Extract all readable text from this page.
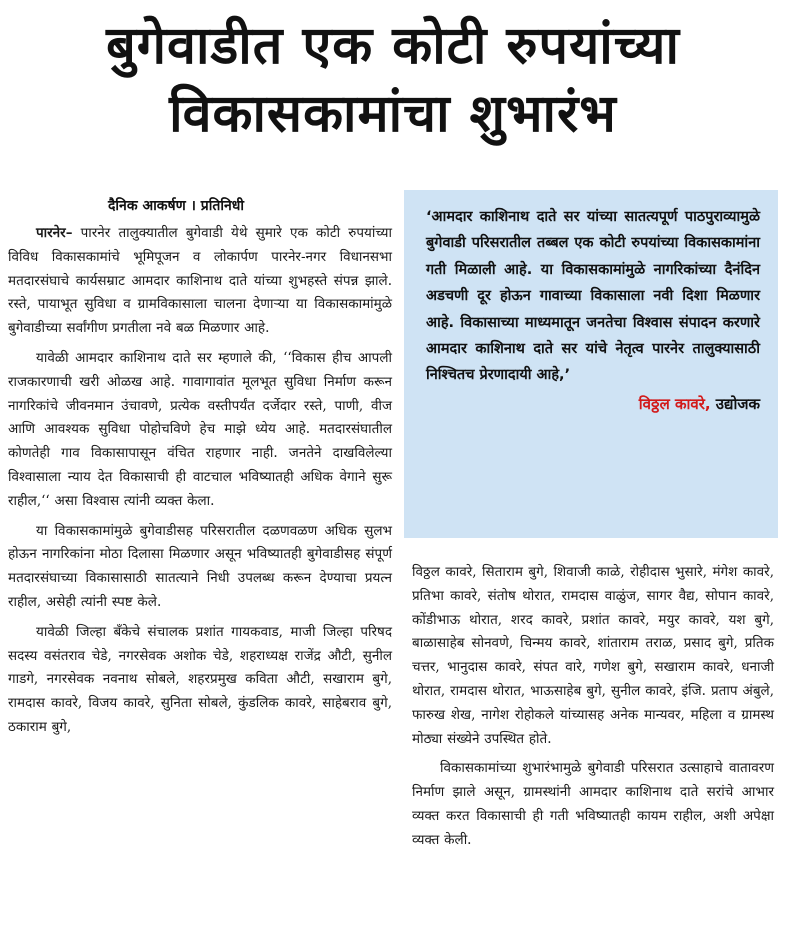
बुगेवाडीत एक कोटी रुपयांच्या
विकासकामांचा शुभारंभ
दैनिक आकर्षण । प्रतिनिधी

पारनेर– पारनेर तालुक्यातील बुगेवाडी येथे सुमारे एक कोटी रुपयांच्या विविध विकासकामांचे भूमिपूजन व लोकार्पण पारनेर-नगर विधानसभा मतदारसंघाचे कार्यसम्राट आमदार काशिनाथ दाते यांच्या शुभहस्ते संपन्न झाले. रस्ते, पायाभूत सुविधा व ग्रामविकासाला चालना देणाऱ्या या विकासकामांमुळे बुगेवाडीच्या सर्वांगीण प्रगतीला नवे बळ मिळणार आहे.

यावेळी आमदार काशिनाथ दाते सर म्हणाले की, ‘‘विकास हीच आपली राजकारणाची खरी ओळख आहे. गावागावांत मूलभूत सुविधा निर्माण करून नागरिकांचे जीवनमान उंचावणे, प्रत्येक वस्तीपर्यंत दर्जेदार रस्ते, पाणी, वीज आणि आवश्यक सुविधा पोहोचविणे हेच माझे ध्येय आहे. मतदारसंघातील कोणतेही गाव विकासापासून वंचित राहणार नाही. जनतेने दाखविलेल्या विश्वासाला न्याय देत विकासाची ही वाटचाल भविष्यातही अधिक वेगाने सुरू राहील,‘‘ असा विश्वास त्यांनी व्यक्त केला.

या विकासकामांमुळे बुगेवाडीसह परिसरातील दळणवळण अधिक सुलभ होऊन नागरिकांना मोठा दिलासा मिळणार असून भविष्यातही बुगेवाडीसह संपूर्ण मतदारसंघाच्या विकासासाठी सातत्याने निधी उपलब्ध करून देण्याचा प्रयत्न राहील, असेही त्यांनी स्पष्ट केले.

यावेळी जिल्हा बँकेचे संचालक प्रशांत गायकवाड, माजी जिल्हा परिषद सदस्य वसंतराव चेडे, नगरसेवक अशोक चेडे, शहराध्यक्ष राजेंद्र औटी, सुनील गाडगे, नगरसेवक नवनाथ सोबले, शहरप्रमुख कविता औटी, सखाराम बुगे, रामदास कावरे, विजय कावरे, सुनिता सोबले, कुंडलिक कावरे, साहेबराव बुगे, ठकाराम बुगे,

‘आमदार काशिनाथ दाते सर यांच्या सातत्यपूर्ण पाठपुराव्यामुळे बुगेवाडी परिसरातील तब्बल एक कोटी रुपयांच्या विकासकामांना गती मिळाली आहे. या विकासकामांमुळे नागरिकांच्या दैनंदिन अडचणी दूर होऊन गावाच्या विकासाला नवी दिशा मिळणार आहे. विकासाच्या माध्यमातून जनतेचा विश्वास संपादन करणारे आमदार काशिनाथ दाते सर यांचे नेतृत्व पारनेर तालुक्यासाठी निश्चितच प्रेरणादायी आहे,’
विठ्ठल कावरे, उद्योजक

विठ्ठल कावरे, सिताराम बुगे, शिवाजी काळे, रोहीदास भुसारे, मंगेश कावरे, प्रतिभा कावरे, संतोष थोरात, रामदास वाळुंज, सागर वैद्य, सोपान कावरे, कोंडीभाऊ थोरात, शरद कावरे, प्रशांत कावरे, मयुर कावरे, यश बुगे, बाळासाहेब सोनवणे, चिन्मय कावरे, शांताराम तराळ, प्रसाद बुगे, प्रतिक चत्तर, भानुदास कावरे, संपत वारे, गणेश बुगे, सखाराम कावरे, धनाजी थोरात, रामदास थोरात, भाऊसाहेब बुगे, सुनील कावरे, इंजि. प्रताप अंबुले, फारुख शेख, नागेश रोहोकले यांच्यासह अनेक मान्यवर, महिला व ग्रामस्थ मोठ्या संख्येने उपस्थित होते.

विकासकामांच्या शुभारंभामुळे बुगेवाडी परिसरात उत्साहाचे वातावरण निर्माण झाले असून, ग्रामस्थांनी आमदार काशिनाथ दाते सरांचे आभार व्यक्त करत विकासाची ही गती भविष्यातही कायम राहील, अशी अपेक्षा व्यक्त केली.
